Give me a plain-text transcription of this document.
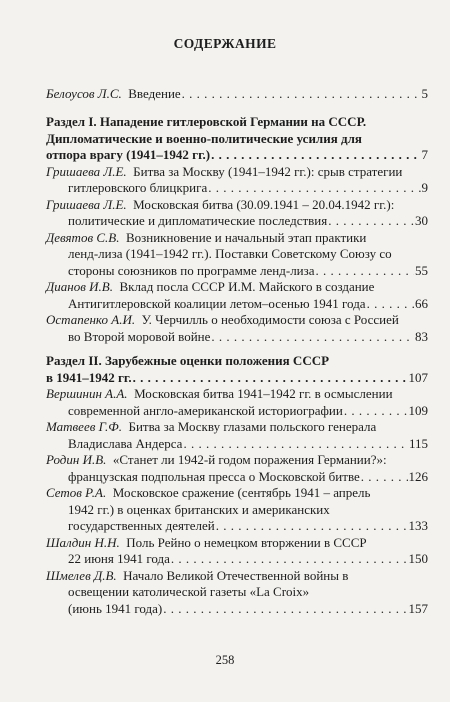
СОДЕРЖАНИЕ
Белоусов Л.С. Введение . . .	5
Раздел I. Нападение гитлеровской Германии на СССР.
Дипломатические и военно-политические усилия для
отпора врагу (1941–1942 гг.) . . .	7
Гришаева Л.Е. Битва за Москву (1941–1942 гг.): срыв стратегии
гитлеровского блицкрига . . .	9
Гришаева Л.Е. Московская битва (30.09.1941 – 20.04.1942 гг.):
политические и дипломатические последствия . . .	30
Девятов С.В. Возникновение и начальный этап практики
ленд-лиза (1941–1942 гг.). Поставки Советскому Союзу со
стороны союзников по программе ленд-лиза . . .	55
Дианов И.В. Вклад посла СССР И.М. Майского в создание
Антигитлеровской коалиции летом–осенью 1941 года . . .	66
Остапенко А.И. У. Черчилль о необходимости союза с Россией
во Второй моровой войне . . .	83
Раздел II. Зарубежные оценки положения СССР
в 1941–1942 гг. . . .	107
Вершинин А.А. Московская битва 1941–1942 гг. в осмыслении
современной англо-американской историографии . . .	109
Матвеев Г.Ф. Битва за Москву глазами польского генерала
Владислава Андерса . . .	115
Родин И.В. «Станет ли 1942-й годом поражения Германии?»:
французская подпольная пресса о Московской битве . . .	126
Сетов Р.А. Московское сражение (сентябрь 1941 – апрель
1942 гг.) в оценках британских и американских
государственных деятелей . . .	133
Шалдин Н.Н. Поль Рейно о немецком вторжении в СССР
22 июня 1941 года . . .	150
Шмелев Д.В. Начало Великой Отечественной войны в
освещении католической газеты «La Croix»
(июнь 1941 года) . . .	157
258
